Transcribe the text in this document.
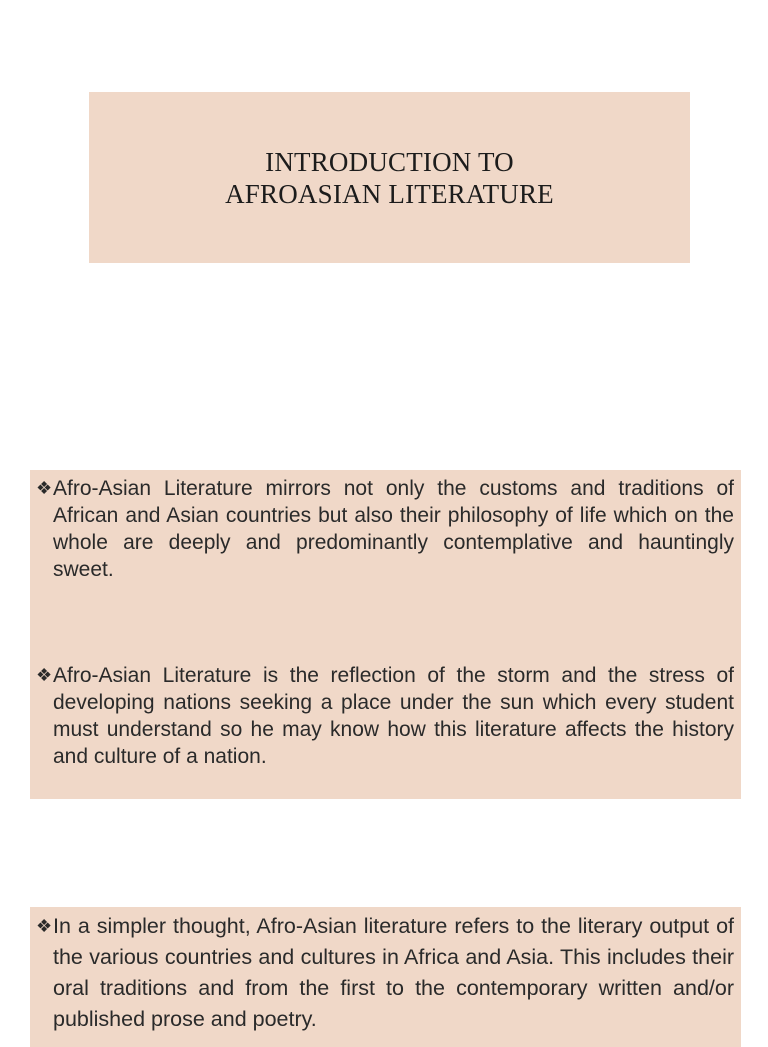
INTRODUCTION TO
AFROASIAN LITERATURE
❖ Afro-Asian Literature mirrors not only the customs and traditions of African and Asian countries but also their philosophy of life which on the whole are deeply and predominantly contemplative and hauntingly sweet.
❖ Afro-Asian Literature is the reflection of the storm and the stress of developing nations seeking a place under the sun which every student must understand so he may know how this literature affects the history and culture of a nation.
❖ In a simpler thought, Afro-Asian literature refers to the literary output of the various countries and cultures in Africa and Asia. This includes their oral traditions and from the first to the contemporary written and/or published prose and poetry.
